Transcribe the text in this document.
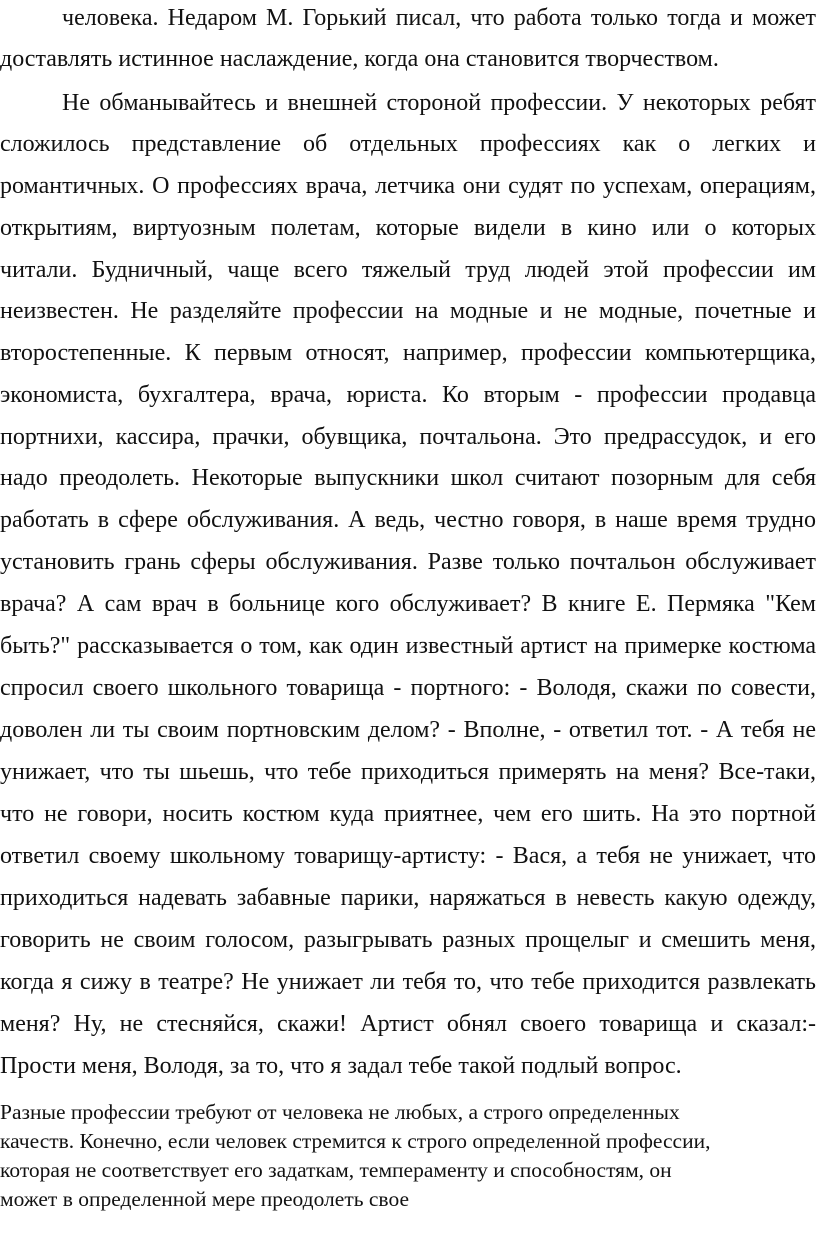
человека. Недаром М. Горький писал, что работа только тогда и может
доставлять истинное наслаждение, когда она становится творчеством.
Не обманывайтесь и внешней стороной профессии. У некоторых ребят
сложилось представление об отдельных профессиях как о легких и
романтичных. О профессиях врача, летчика они судят по успехам, операциям,
открытиям, виртуозным полетам, которые видели в кино или о которых
читали. Будничный, чаще всего тяжелый труд людей этой профессии им
неизвестен. Не разделяйте профессии на модные и не модные, почетные и
второстепенные. К первым относят, например, профессии компьютерщика,
экономиста, бухгалтера, врача, юриста. Ко вторым - профессии продавца
портнихи, кассира, прачки, обувщика, почтальона. Это предрассудок, и его
надо преодолеть. Некоторые выпускники школ считают позорным для себя
работать в сфере обслуживания. А ведь, честно говоря, в наше время трудно
установить грань сферы обслуживания. Разве только почтальон обслуживает
врача? А сам врач в больнице кого обслуживает? В книге Е. Пермяка "Кем
быть?" рассказывается о том, как один известный артист на примерке костюма
спросил своего школьного товарища - портного: - Володя, скажи по совести,
доволен ли ты своим портновским делом? - Вполне, - ответил тот. - А тебя не
унижает, что ты шьешь, что тебе приходиться примерять на меня? Все-таки,
что не говори, носить костюм куда приятнее, чем его шить. На это портной
ответил своему школьному товарищу-артисту: - Вася, а тебя не унижает, что
приходиться надевать забавные парики, наряжаться в невесть какую одежду,
говорить не своим голосом, разыгрывать разных прощелыг и смешить меня,
когда я сижу в театре? Не унижает ли тебя то, что тебе приходится развлекать
меня? Ну, не стесняйся, скажи! Артист обнял своего товарища и сказал:-
Прости меня, Володя, за то, что я задал тебе такой подлый вопрос.
Разные профессии требуют от человека не любых, а строго определенных
качеств. Конечно, если человек стремится к строго определенной профессии,
которая не соответствует его задаткам, темпераменту и способностям, он
может в определенной мере преодолеть свое
